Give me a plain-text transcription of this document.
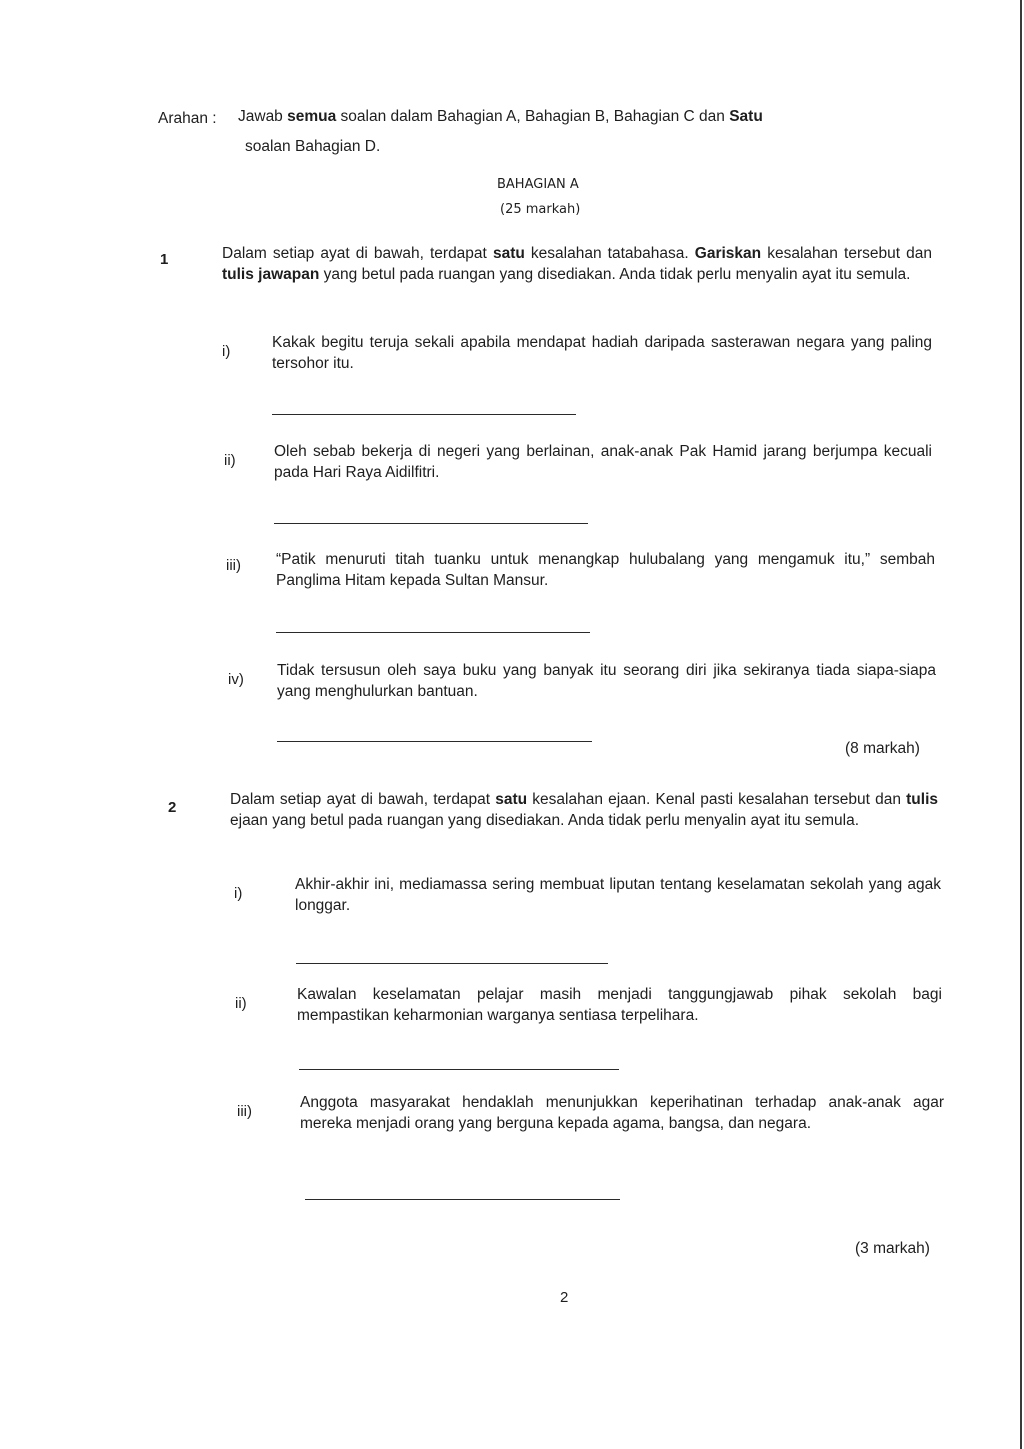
Arahan : Jawab semua soalan dalam Bahagian A, Bahagian B, Bahagian C dan Satu
soalan Bahagian D.
BAHAGIAN A
(25 markah)
1	Dalam setiap ayat di bawah, terdapat satu kesalahan tatabahasa. Gariskan kesalahan tersebut dan tulis jawapan yang betul pada ruangan yang disediakan. Anda tidak perlu menyalin ayat itu semula.
i)
Kakak begitu teruja sekali apabila mendapat hadiah daripada sasterawan negara yang paling tersohor itu.
ii)
Oleh sebab bekerja di negeri yang berlainan, anak-anak Pak Hamid jarang berjumpa kecuali pada Hari Raya Aidilfitri.
iii) “Patik menuruti titah tuanku untuk menangkap hulubalang yang mengamuk itu,” sembah Panglima Hitam kepada Sultan Mansur.
iv)
Tidak tersusun oleh saya buku yang banyak itu seorang diri jika sekiranya tiada siapa-siapa yang menghulurkan bantuan.
(8 markah)
2	Dalam setiap ayat di bawah, terdapat satu kesalahan ejaan. Kenal pasti kesalahan tersebut dan tulis ejaan yang betul pada ruangan yang disediakan. Anda tidak perlu menyalin ayat itu semula.
i)
Akhir-akhir ini, mediamassa sering membuat liputan tentang keselamatan sekolah yang agak longgar.
ii)
Kawalan keselamatan pelajar masih menjadi tanggungjawab pihak sekolah bagi mempastikan keharmonian warganya sentiasa terpelihara.
iii)
Anggota masyarakat hendaklah menunjukkan keperihatinan terhadap anak-anak agar mereka menjadi orang yang berguna kepada agama, bangsa, dan negara.
(3 markah)
2
